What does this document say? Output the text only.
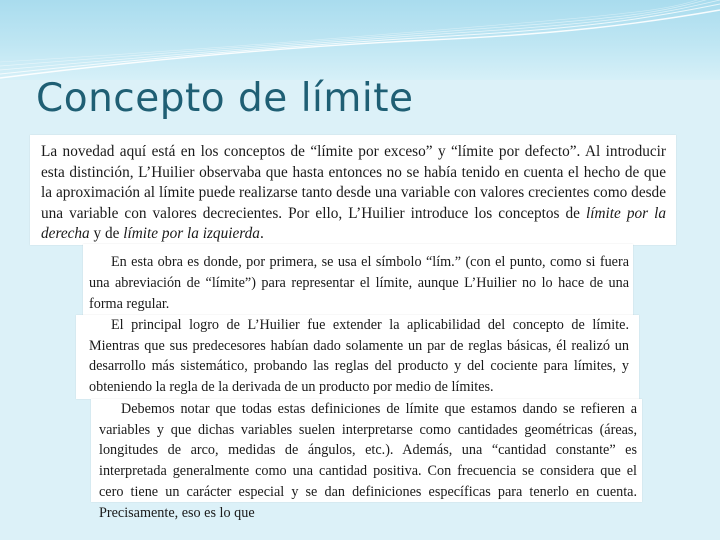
Concepto de límite

La novedad aquí está en los conceptos de “límite por exceso” y “límite por defecto”. Al introducir esta distinción, L’Huilier observaba que hasta entonces no se había tenido en cuenta el hecho de que la aproximación al límite puede realizarse tanto desde una variable con valores crecientes como desde una variable con valores decrecientes. Por ello, L’Huilier introduce los conceptos de límite por la derecha y de límite por la izquierda.

En esta obra es donde, por primera, se usa el símbolo “lím.” (con el punto, como si fuera una abreviación de “límite”) para representar el límite, aunque L’Huilier no lo hace de una forma regular.

El principal logro de L’Huilier fue extender la aplicabilidad del concepto de límite. Mientras que sus predecesores habían dado solamente un par de reglas básicas, él realizó un desarrollo más sistemático, probando las reglas del producto y del cociente para límites, y obteniendo la regla de la derivada de un producto por medio de límites.

Debemos notar que todas estas definiciones de límite que estamos dando se refieren a variables y que dichas variables suelen interpretarse como cantidades geométricas (áreas, longitudes de arco, medidas de ángulos, etc.). Además, una “cantidad constante” es interpretada generalmente como una cantidad positiva. Con frecuencia se considera que el cero tiene un carácter especial y se dan definiciones específicas para tenerlo en cuenta. Precisamente, eso es lo que
